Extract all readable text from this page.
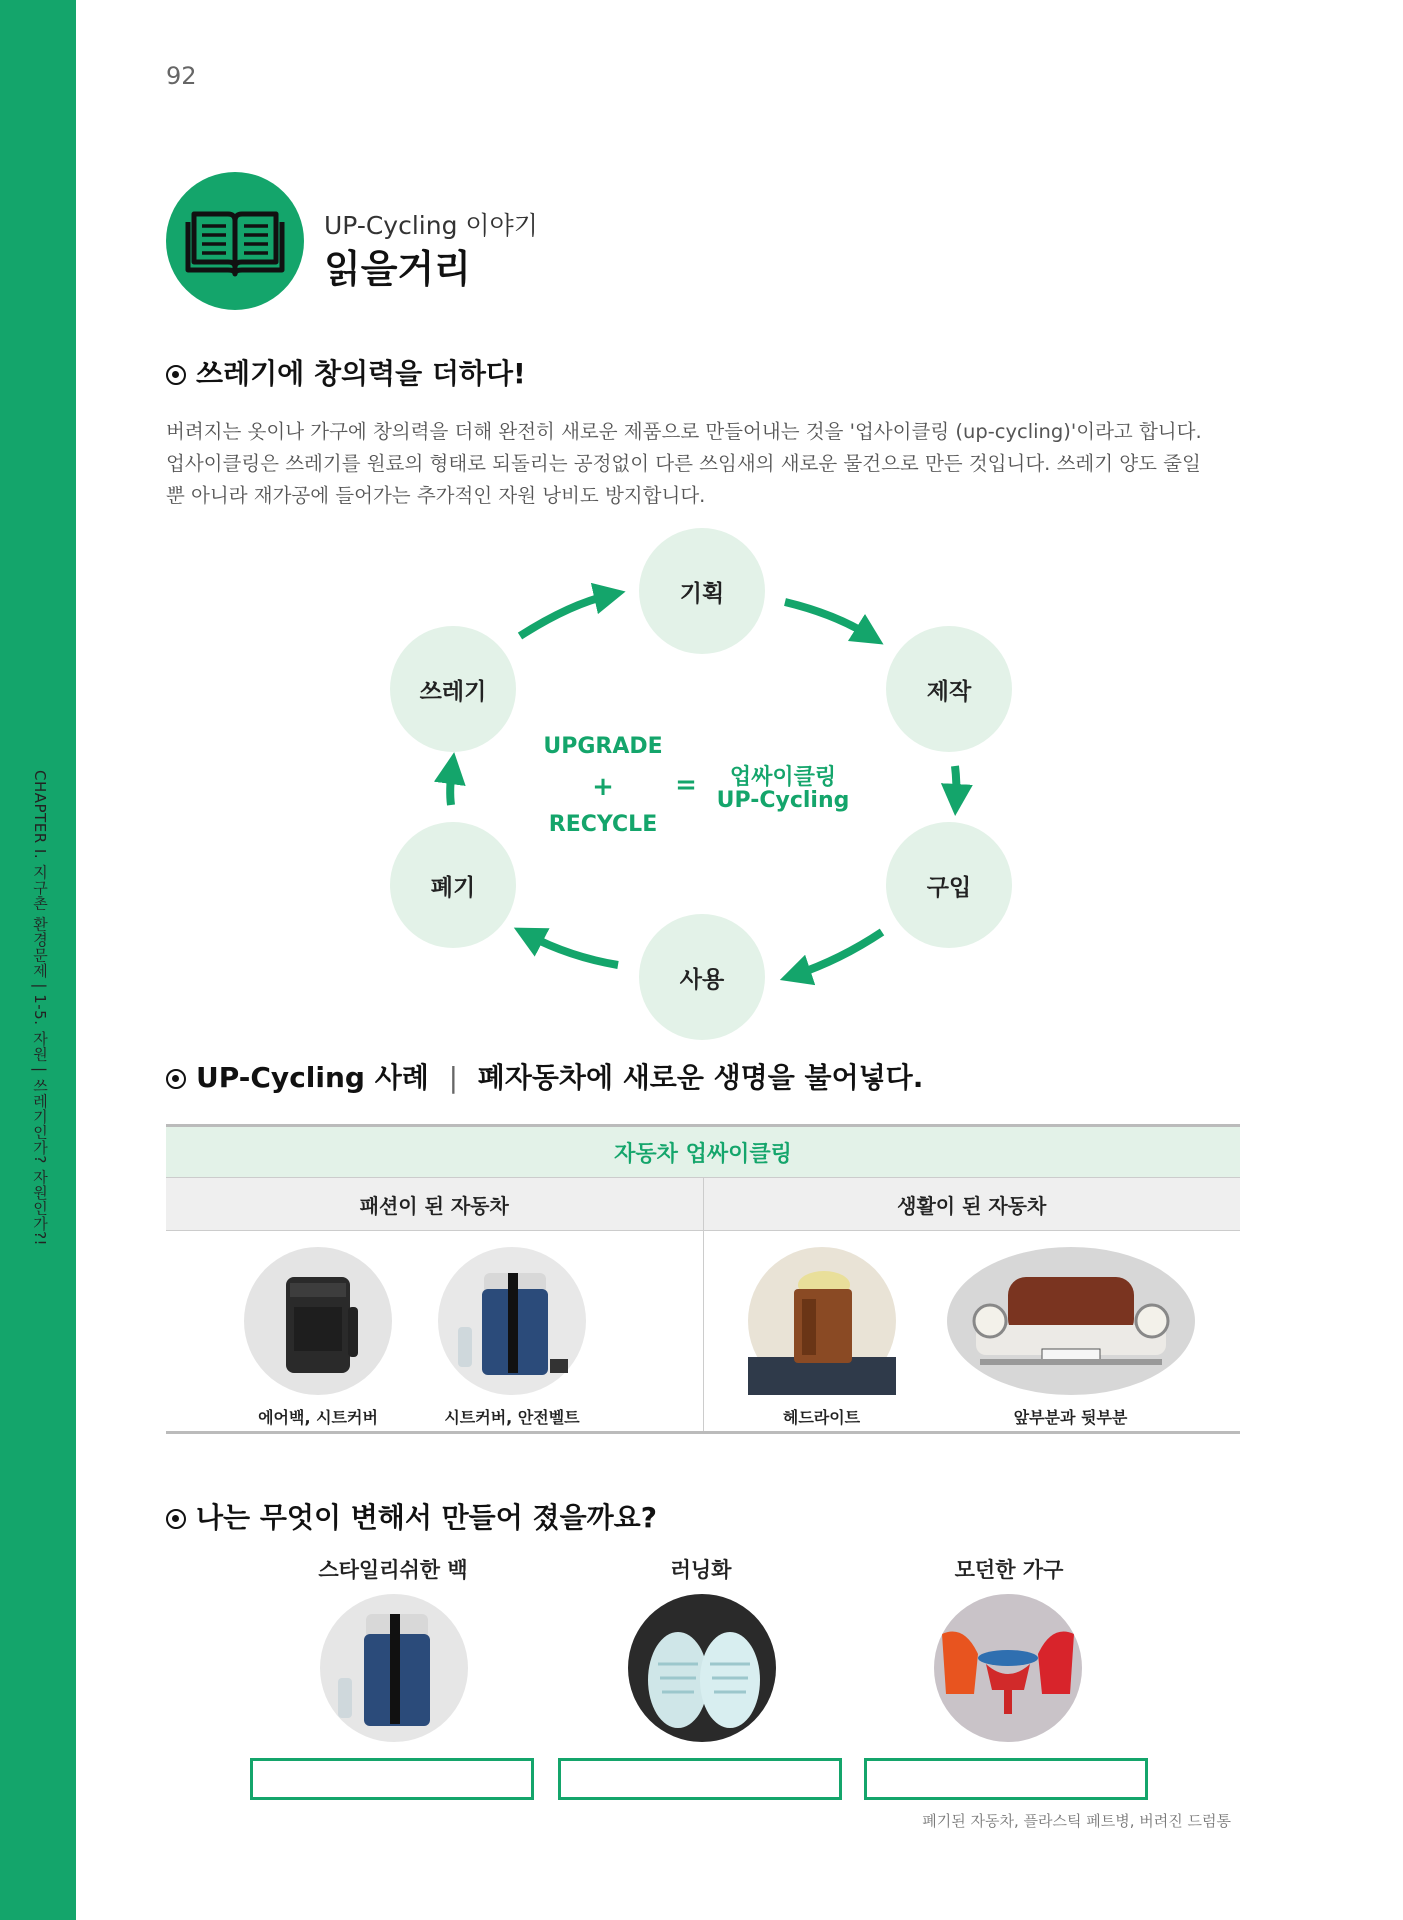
CHAPTER I. 지구촌 환경문제 | 1-5. 자원 | 쓰레기인가? 자원인가?!
92
UP-Cycling 이야기
읽을거리
쓰레기에 창의력을 더하다!

버려지는 옷이나 가구에 창의력을 더해 완전히 새로운 제품으로 만들어내는 것을 '업사이클링 (up-cycling)'이라고 합니다.

업사이클링은 쓰레기를 원료의 형태로 되돌리는 공정없이 다른 쓰임새의 새로운 물건으로 만든 것입니다. 쓰레기 양도 줄일

뿐 아니라 재가공에 들어가는 추가적인 자원 낭비도 방지합니다.

기획
제작
구입
사용
폐기
쓰레기
UPGRADE
+
RECYCLE
=	업싸이클링
UP-Cycling
UP-Cycling 사례 | 폐자동차에 새로운 생명을 불어넣다.
자동차 업싸이클링
패션이 된 자동차	생활이 된 자동차
에어백, 시트커버	시트커버, 안전벨트	헤드라이트	앞부분과 뒷부분
나는 무엇이 변해서 만들어 졌을까요?
스타일리쉬한 백	러닝화	모던한 가구
폐기된 자동차, 플라스틱 페트병, 버려진 드럼통
